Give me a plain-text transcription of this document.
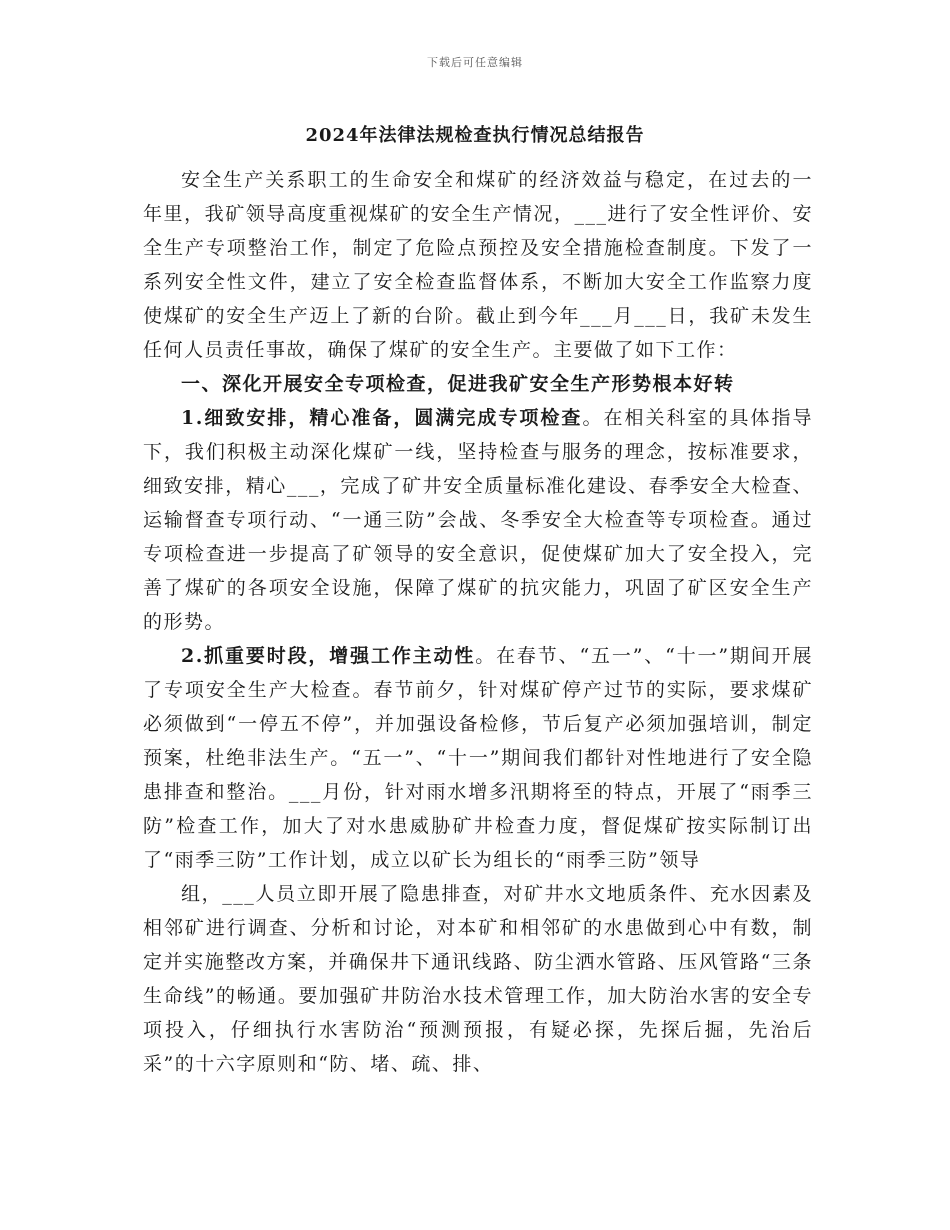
下载后可任意编辑
2024年法律法规检查执行情况总结报告

安全生产关系职工的生命安全和煤矿的经济效益与稳定，在过去的一年里，我矿领导高度重视煤矿的安全生产情况，___进行了安全性评价、安全生产专项整治工作，制定了危险点预控及安全措施检查制度。下发了一系列安全性文件，建立了安全检查监督体系，不断加大安全工作监察力度使煤矿的安全生产迈上了新的台阶。截止到今年___月___日，我矿未发生任何人员责任事故，确保了煤矿的安全生产。主要做了如下工作：

一、深化开展安全专项检查，促进我矿安全生产形势根本好转

1.细致安排，精心准备，圆满完成专项检查。在相关科室的具体指导下，我们积极主动深化煤矿一线，坚持检查与服务的理念，按标准要求，细致安排，精心___，完成了矿井安全质量标准化建设、春季安全大检查、运输督查专项行动、“一通三防”会战、冬季安全大检查等专项检查。通过专项检查进一步提高了矿领导的安全意识，促使煤矿加大了安全投入，完善了煤矿的各项安全设施，保障了煤矿的抗灾能力，巩固了矿区安全生产的形势。

2.抓重要时段，增强工作主动性。在春节、“五一”、“十一”期间开展了专项安全生产大检查。春节前夕，针对煤矿停产过节的实际，要求煤矿必须做到“一停五不停”，并加强设备检修，节后复产必须加强培训，制定预案，杜绝非法生产。“五一”、“十一”期间我们都针对性地进行了安全隐患排查和整治。___月份，针对雨水增多汛期将至的特点，开展了“雨季三防”检查工作，加大了对水患威胁矿井检查力度，督促煤矿按实际制订出了“雨季三防”工作计划，成立以矿长为组长的“雨季三防”领导

组，___人员立即开展了隐患排查，对矿井水文地质条件、充水因素及相邻矿进行调查、分析和讨论，对本矿和相邻矿的水患做到心中有数，制定并实施整改方案，并确保井下通讯线路、防尘洒水管路、压风管路“三条生命线”的畅通。要加强矿井防治水技术管理工作，加大防治水害的安全专项投入，仔细执行水害防治“预测预报，有疑必探，先探后掘，先治后采”的十六字原则和“防、堵、疏、排、
